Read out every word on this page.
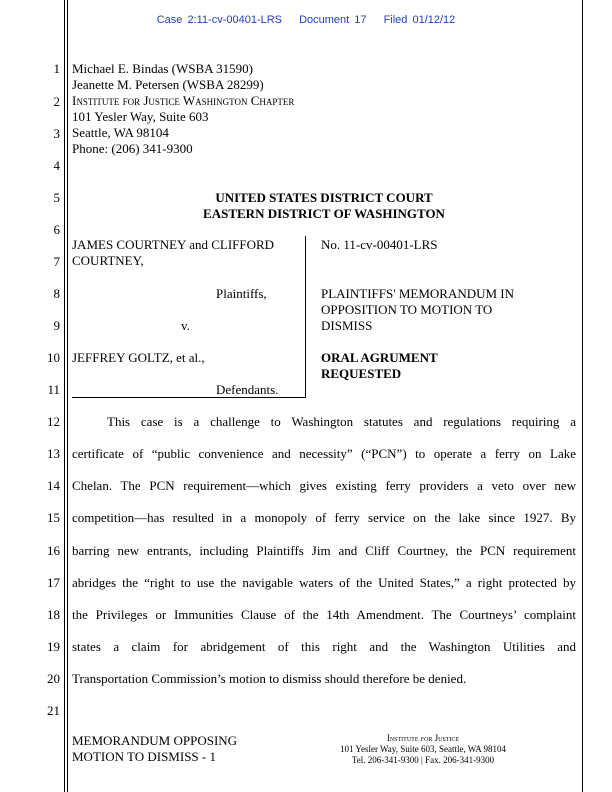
Case 2:11-cv-00401-LRS Document 17 Filed 01/12/12
1
2
3
4
5
6
7
8
9
10
11
12
13
14
15
16
17
18
19
20
21
Michael E. Bindas (WSBA 31590)
Jeanette M. Petersen (WSBA 28299)
Institute for Justice Washington Chapter
101 Yesler Way, Suite 603
Seattle, WA 98104
Phone: (206) 341-9300
UNITED STATES DISTRICT COURT
EASTERN DISTRICT OF WASHINGTON
JAMES COURTNEY and CLIFFORD
COURTNEY,
Plaintiffs,
v.
JEFFREY GOLTZ, et al.,
Defendants.
No. 11-cv-00401-LRS
PLAINTIFFS' MEMORANDUM IN
OPPOSITION TO MOTION TO
DISMISS
ORAL AGRUMENT
REQUESTED
This case is a challenge to Washington statutes and regulations requiring a
certificate of “public convenience and necessity” (“PCN”) to operate a ferry on Lake
Chelan. The PCN requirement—which gives existing ferry providers a veto over new
competition—has resulted in a monopoly of ferry service on the lake since 1927. By
barring new entrants, including Plaintiffs Jim and Cliff Courtney, the PCN requirement
abridges the “right to use the navigable waters of the United States,” a right protected by
the Privileges or Immunities Clause of the 14th Amendment. The Courtneys’ complaint
states a claim for abridgement of this right and the Washington Utilities and
Transportation Commission’s motion to dismiss should therefore be denied.
MEMORANDUM OPPOSING
MOTION TO DISMISS - 1
Institute for Justice
101 Yesler Way, Suite 603, Seattle, WA 98104
Tel. 206-341-9300 | Fax. 206-341-9300
